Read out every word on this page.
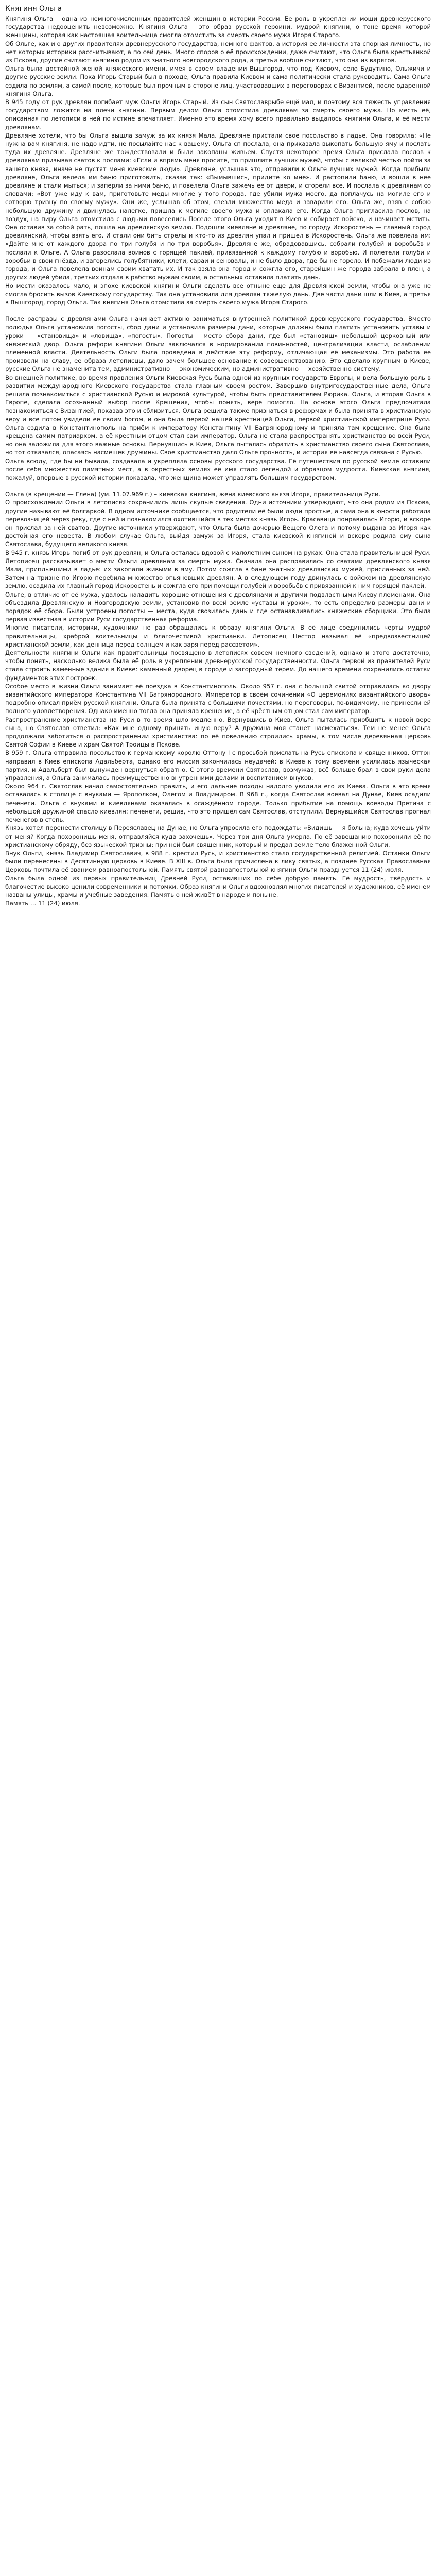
Княгиня Ольга

Княгиня Ольга – одна из немногочисленных правителей женщин в истории России. Ее роль в укреплении мощи древнерусского государства недооценить невозможно. Княгиня Ольга – это образ русской героини, мудрой княгини, о тоне время которой женщины, которая как настоящая воительница смогла отомстить за смерть своего мужа Игоря Старого.

Об Ольге, как и о других правителях древнерусского государства, немного фактов, а история ее личности эта спорная личность, но нет которых историки рассчитывают, а по сей день. Много споров о её происхождении, даже считают, что Ольга была крестьянкой из Пскова, другие считают княгиню родом из знатного новгородского рода, а третьи вообще считают, что она из варягов.

Ольга была достойной женой княжеского имени, имея в своем владении Вышгород, что под Киевом, село Будутино, Ольжичи и другие русские земли. Пока Игорь Старый был в походе, Ольга правила Киевом и сама политически стала руководить. Сама Ольга ездила по землям, а самой после, которые был прочным в стороне лиц, участвовавших в переговорах с Византией, после одаренной княгиня Ольга.

В 945 году от рук древлян погибает муж Ольги Игорь Старый. Из сын Святославрыбе ещё мал, и поэтому вся тяжесть управления государством ложится на плечи княгини. Первым делом Ольга отомстила древлянам за смерть своего мужа. Но месть её, описанная по летописи в ней по истине впечатляет. Именно это время хочу всего правильно выдалось княгини Ольга, и её мести древлянам.

Древляне хотели, что бы Ольга вышла замуж за их князя Мала. Древляне пристали свое посольство в ладье. Она говорила: «Не нужна вам княгиня, не надо идти, не посылайте нас к вашему. Ольга сп послала, она приказала выкопать большую яму и послать туда их древляне. Древляне же тождествовали и были закопаны живьем. Спустя некоторое время Ольга прислала послов к древлянам призывая сватов к послами: «Если и впрямь меня просите, то пришлите лучших мужей, чтобы с великой честью пойти за вашего князя, иначе не пустят меня киевские люди». Древляне, услышав это, отправили к Ольге лучших мужей. Когда прибыли древляне, Ольга велела им баню приготовить, сказав так: «Вымывшись, придите ко мне». И растопили баню, и вошли в нее древляне и стали мыться; и заперли за ними баню, и повелела Ольга зажечь ее от двери, и сгорели все. И послала к древлянам со словами: «Вот уже иду к вам, приготовьте меды многие у того города, где убили мужа моего, да поплачусь на могиле его и сотворю тризну по своему мужу». Они же, услышав об этом, свезли множество меда и заварили его. Ольга же, взяв с собою небольшую дружину и двинулась налегке, пришла к могиле своего мужа и оплакала его. Когда Ольга пригласила послов, на воздух, на пиру Ольга отомстила с людьми повеселись Поселе этого Ольга уходит в Киев и собирает войско, и начинает мстить. Она оставив за собой рать, пошла на древлянскую землю. Подошли киевляне и древляне, по городу Искоростень — главный город древлянский, чтобы взять его. И стали они бить стрелы и кто-то из древлян упал и пришел в Искоростень. Ольга же повелела им: «Дайте мне от каждого двора по три голубя и по три воробья». Древляне же, обрадовавшись, собрали голубей и воробьёв и послали к Ольге. А Ольга разослала воинов с горящей паклей, привязанной к каждому голубю и воробью. И полетели голуби и воробьи в свои гнёзда, и загорелись голубятники, клети, сараи и сеновалы, и не было двора, где бы не горело. И побежали люди из города, и Ольга повелела воинам своим хватать их. И так взяла она город и сожгла его, старейшин же города забрала в плен, а других людей убила, третьих отдала в рабство мужам своим, а остальных оставила платить дань.

Но мести оказалось мало, и эпохе киевской княгини Ольги сделать все отныне еще для Древлянской земли, чтобы она уже не смогла бросить вызов Киевскому государству. Так она установила для древлян тяжелую дань. Две части дани шли в Киев, а третья в Вышгород, город Ольги. Так княгиня Ольга отомстила за смерть своего мужа Игоря Старого.

После расправы с древлянами Ольга начинает активно заниматься внутренней политикой древнерусского государства. Вместо полюдья Ольга установила погосты, сбор дани и установила размеры дани, которые должны были платить установить уставы и уроки — «становища» и «ловища», «погосты». Погосты – место сбора дани, где был «становищ» небольшой церковный или княжеский двор. Ольга реформ княгини Ольги заключался в нормировании повинностей, централизации власти, ослаблении племенной власти. Деятельность Ольги была проведена в действие эту реформу, отличающая её механизмы. Это работа ее произвели на славу, ее образа летописцы, дало зачем большее основание к совершенствованию. Это сделало крупным в Киеве, русские Ольга не знаменита тем, административно — экономическим, но административно — хозяйственно систему.

Во внешней политике, во время правления Ольги Киевская Русь была одной из крупных государств Европы, и вела большую роль в развитии международного Киевского государства стала главным своем ростом. Завершив внутригосударственные дела, Ольга решила познакомиться с христианской Русью и мировой культурой, чтобы быть представителем Рюрика. Ольга, и вторая Ольга в Европе, сделала осознанный выбор после Крещения, чтобы понять, вере помогло. На основе этого Ольга предпочитала познакомиться с Византией, показав это и сблизиться. Ольга решила также признаться в реформах и была принята в христианскую веру и все потом увидели ее своим богом, и она была первой нашей крестницей Ольга, первой христианской императрице Руси. Ольга ездила в Константинополь на приём к императору Константину VII Багрянородному и приняла там крещение. Она была крещена самим патриархом, а её крестным отцом стал сам император. Ольга не стала распространять христианство во всей Руси, но она заложила для этого важные основы. Вернувшись в Киев, Ольга пыталась обратить в христианство своего сына Святослава, но тот отказался, опасаясь насмешек дружины. Свое христианство дало Ольге прочность, и история её навсегда связана с Русью.

Ольга всюду, где бы ни бывала, создавала и укрепляла основы русского государства. Её путешествия по русской земле оставили после себя множество памятных мест, а в окрестных землях её имя стало легендой и образцом мудрости. Киевская княгиня, пожалуй, впервые в русской истории показала, что женщина может управлять большим государством.

Ольга (в крещении — Елена) (ум. 11.07.969 г.) – киевская княгиня, жена киевского князя Игоря, правительница Руси.

О происхождении Ольги в летописях сохранились лишь скупые сведения. Одни источники утверждают, что она родом из Пскова, другие называют её болгаркой. В одном источнике сообщается, что родители её были люди простые, а сама она в юности работала перевозчицей через реку, где с ней и познакомился охотившийся в тех местах князь Игорь. Красавица понравилась Игорю, и вскоре он прислал за ней сватов. Другие источники утверждают, что Ольга была дочерью Вещего Олега и потому выдана за Игоря как достойная его невеста. В любом случае Ольга, выйдя замуж за Игоря, стала киевской княгиней и вскоре родила ему сына Святослава, будущего великого князя.

В 945 г. князь Игорь погиб от рук древлян, и Ольга осталась вдовой с малолетним сыном на руках. Она стала правительницей Руси. Летописец рассказывает о мести Ольги древлянам за смерть мужа. Сначала она расправилась со сватами древлянского князя Мала, приплывшими в ладье: их закопали живыми в яму. Потом сожгла в бане знатных древлянских мужей, присланных за ней. Затем на тризне по Игорю перебила множество опьяневших древлян. А в следующем году двинулась с войском на древлянскую землю, осадила их главный город Искоростень и сожгла его при помощи голубей и воробьёв с привязанной к ним горящей паклей.

Ольге, в отличие от её мужа, удалось наладить хорошие отношения с древлянами и другими подвластными Киеву племенами. Она объездила Древлянскую и Новгородскую земли, установив по всей земле «уставы и уроки», то есть определив размеры дани и порядок её сбора. Были устроены погосты — места, куда свозилась дань и где останавливались княжеские сборщики. Это была первая известная в истории Руси государственная реформа.

Многие писатели, историки, художники не раз обращались к образу княгини Ольги. В её лице соединились черты мудрой правительницы, храброй воительницы и благочестивой христианки. Летописец Нестор называл её «предвозвестницей христианской земли, как денница перед солнцем и как заря перед рассветом».

Деятельности княгини Ольги как правительницы посвящено в летописях совсем немного сведений, однако и этого достаточно, чтобы понять, насколько велика была её роль в укреплении древнерусской государственности. Ольга первой из правителей Руси стала строить каменные здания в Киеве: каменный дворец в городе и загородный терем. До нашего времени сохранились остатки фундаментов этих построек.

Особое место в жизни Ольги занимает её поездка в Константинополь. Около 957 г. она с большой свитой отправилась ко двору византийского императора Константина VII Багрянородного. Император в своём сочинении «О церемониях византийского двора» подробно описал приём русской княгини. Ольга была принята с большими почестями, но переговоры, по-видимому, не принесли ей полного удовлетворения. Однако именно тогда она приняла крещение, а её крёстным отцом стал сам император.

Распространение христианства на Руси в то время шло медленно. Вернувшись в Киев, Ольга пыталась приобщить к новой вере сына, но Святослав ответил: «Как мне одному принять иную веру? А дружина моя станет насмехаться». Тем не менее Ольга продолжала заботиться о распространении христианства: по её повелению строились храмы, в том числе деревянная церковь Святой Софии в Киеве и храм Святой Троицы в Пскове.

В 959 г. Ольга отправила посольство к германскому королю Оттону I с просьбой прислать на Русь епископа и священников. Оттон направил в Киев епископа Адальберта, однако его миссия закончилась неудачей: в Киеве к тому времени усилилась языческая партия, и Адальберт был вынужден вернуться обратно. С этого времени Святослав, возмужав, всё больше брал в свои руки дела управления, а Ольга занималась преимущественно внутренними делами и воспитанием внуков.

Около 964 г. Святослав начал самостоятельно править, и его дальние походы надолго уводили его из Киева. Ольга в это время оставалась в столице с внуками — Ярополком, Олегом и Владимиром. В 968 г., когда Святослав воевал на Дунае, Киев осадили печенеги. Ольга с внуками и киевлянами оказалась в осаждённом городе. Только прибытие на помощь воеводы Претича с небольшой дружиной спасло киевлян: печенеги, решив, что это пришёл сам Святослав, отступили. Вернувшийся Святослав прогнал печенегов в степь.

Князь хотел перенести столицу в Переяславец на Дунае, но Ольга упросила его подождать: «Видишь — я больна; куда хочешь уйти от меня? Когда похоронишь меня, отправляйся куда захочешь». Через три дня Ольга умерла. По её завещанию похоронили её по христианскому обряду, без языческой тризны: при ней был священник, который и предал земле тело блаженной Ольги.

Внук Ольги, князь Владимир Святославич, в 988 г. крестил Русь, и христианство стало государственной религией. Останки Ольги были перенесены в Десятинную церковь в Киеве. В XIII в. Ольга была причислена к лику святых, а позднее Русская Православная Церковь почтила её званием равноапостольной. Память святой равноапостольной княгини Ольги празднуется 11 (24) июля.

Ольга была одной из первых правительниц Древней Руси, оставивших по себе добрую память. Её мудрость, твёрдость и благочестие высоко ценили современники и потомки. Образ княгини Ольги вдохновлял многих писателей и художников, её именем названы улицы, храмы и учебные заведения. Память о ней живёт в народе и поныне.

Память … 11 (24) июля.
